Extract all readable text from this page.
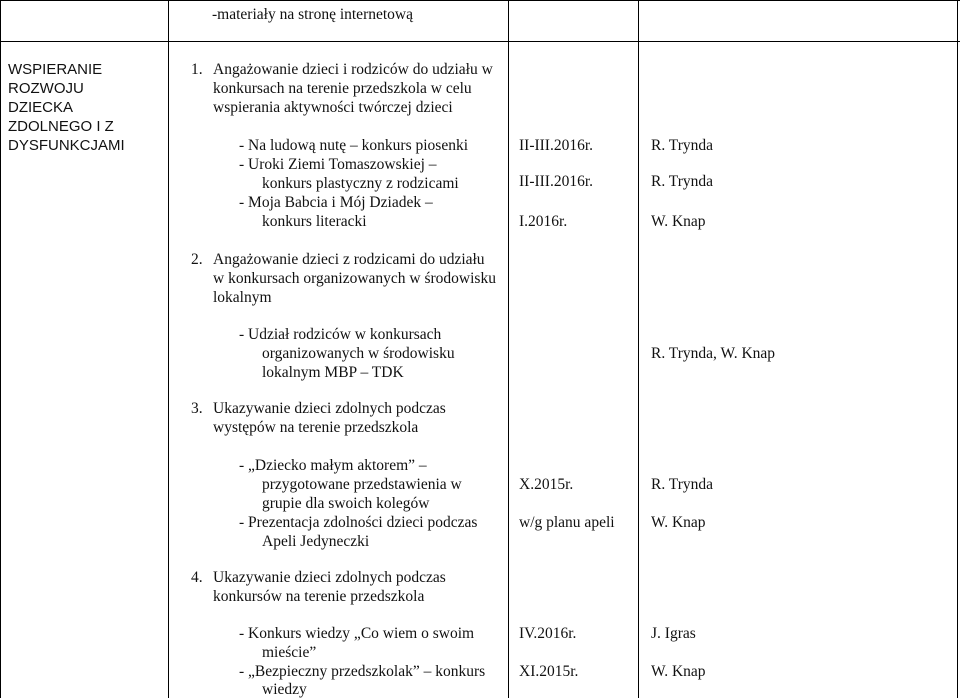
-materiały na stronę internetową
WSPIERANIE
ROZWOJU
DZIECKA
ZDOLNEGO I Z
DYSFUNKCJAMI
1. Angażowanie dzieci i rodziców do udziału w
konkursach na terenie przedszkola w celu
wspierania aktywności twórczej dzieci
- Na ludową nutę – konkurs piosenki
- Uroki Ziemi Tomaszowskiej –
konkurs plastyczny z rodzicami
- Moja Babcia i Mój Dziadek –
konkurs literacki
II-III.2016r.
II-III.2016r.
I.2016r.
R. Trynda
R. Trynda
W. Knap
2. Angażowanie dzieci z rodzicami do udziału
w konkursach organizowanych w środowisku
lokalnym
- Udział rodziców w konkursach
organizowanych w środowisku
lokalnym MBP – TDK
R. Trynda, W. Knap
3. Ukazywanie dzieci zdolnych podczas
występów na terenie przedszkola
- „Dziecko małym aktorem” –
przygotowane przedstawienia w
grupie dla swoich kolegów
- Prezentacja zdolności dzieci podczas
Apeli Jedyneczki
X.2015r.
w/g planu apeli
R. Trynda
W. Knap
4. Ukazywanie dzieci zdolnych podczas
konkursów na terenie przedszkola
- Konkurs wiedzy „Co wiem o swoim
mieście”
- „Bezpieczny przedszkolak” – konkurs
wiedzy
IV.2016r.
XI.2015r.
J. Igras
W. Knap
